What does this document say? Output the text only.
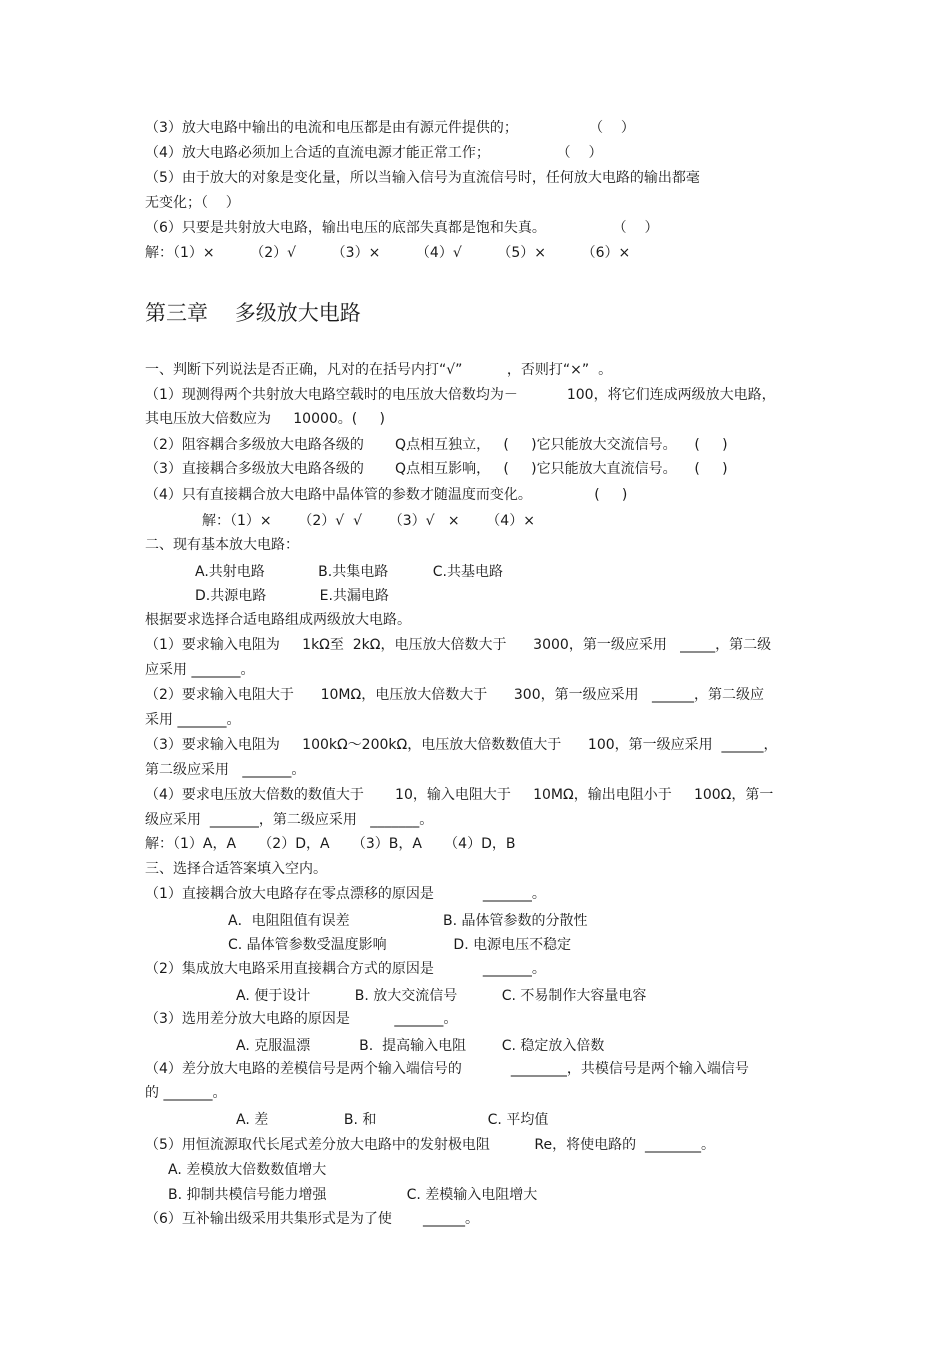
（3）放大电路中输出的电流和电压都是由有源元件提供的；                （    ）
（4）放大电路必须加上合适的直流电源才能正常工作；               （    ）
（5）由于放大的对象是变化量，所以当输入信号为直流信号时，任何放大电路的输出都毫
无变化；（    ）
（6）只要是共射放大电路，输出电压的底部失真都是饱和失真。               （    ）
解：（1）×        （2）√        （3）×        （4）√        （5）×        （6）×
第三章    多级放大电路
一、判断下列说法是否正确，凡对的在括号内打“√”          ，否则打“×”  。
（1）现测得两个共射放大电路空载时的电压放大倍数均为－           100，将它们连成两级放大电路，
其电压放大倍数应为     10000。(     )
（2）阻容耦合多级放大电路各级的       Q点相互独立，   (     )它只能放大交流信号。    (     )
（3）直接耦合多级放大电路各级的       Q点相互影响，   (     )它只能放大直流信号。    (     )
（4）只有直接耦合放大电路中晶体管的参数才随温度而变化。              (     )
解：（1）×      （2）√  √      （3）√   ×      （4）×
二、现有基本放大电路：
A.共射电路            B.共集电路          C.共基电路
D.共源电路            E.共漏电路
根据要求选择合适电路组成两级放大电路。
（1）要求输入电阻为     1kΩ至  2kΩ，电压放大倍数大于      3000，第一级应采用   _____，第二级
应采用 _______。
（2）要求输入电阻大于      10MΩ，电压放大倍数大于      300，第一级应采用   ______，第二级应
采用 _______。
（3）要求输入电阻为     100kΩ～200kΩ，电压放大倍数数值大于      100，第一级应采用  ______，
第二级应采用   _______。
（4）要求电压放大倍数的数值大于       10，输入电阻大于     10MΩ，输出电阻小于     100Ω，第一
级应采用  _______，第二级应采用   _______。
解：（1）A，A     （2）D，A     （3）B，A     （4）D，B
三、选择合适答案填入空内。
（1）直接耦合放大电路存在零点漂移的原因是           _______。
A．电阻阻值有误差                     B. 晶体管参数的分散性
C. 晶体管参数受温度影响               D. 电源电压不稳定
（2）集成放大电路采用直接耦合方式的原因是           _______。
A. 便于设计          B. 放大交流信号          C. 不易制作大容量电容
（3）选用差分放大电路的原因是          _______。
A. 克服温漂           B.  提高输入电阻        C. 稳定放入倍数
（4）差分放大电路的差模信号是两个输入端信号的           ________，共模信号是两个输入端信号
的 _______。
A. 差                 B. 和                         C. 平均值
（5）用恒流源取代长尾式差分放大电路中的发射极电阻          Re，将使电路的  ________。
A. 差模放大倍数数值增大
B. 抑制共模信号能力增强                  C. 差模输入电阻增大
（6）互补输出级采用共集形式是为了使       ______。
